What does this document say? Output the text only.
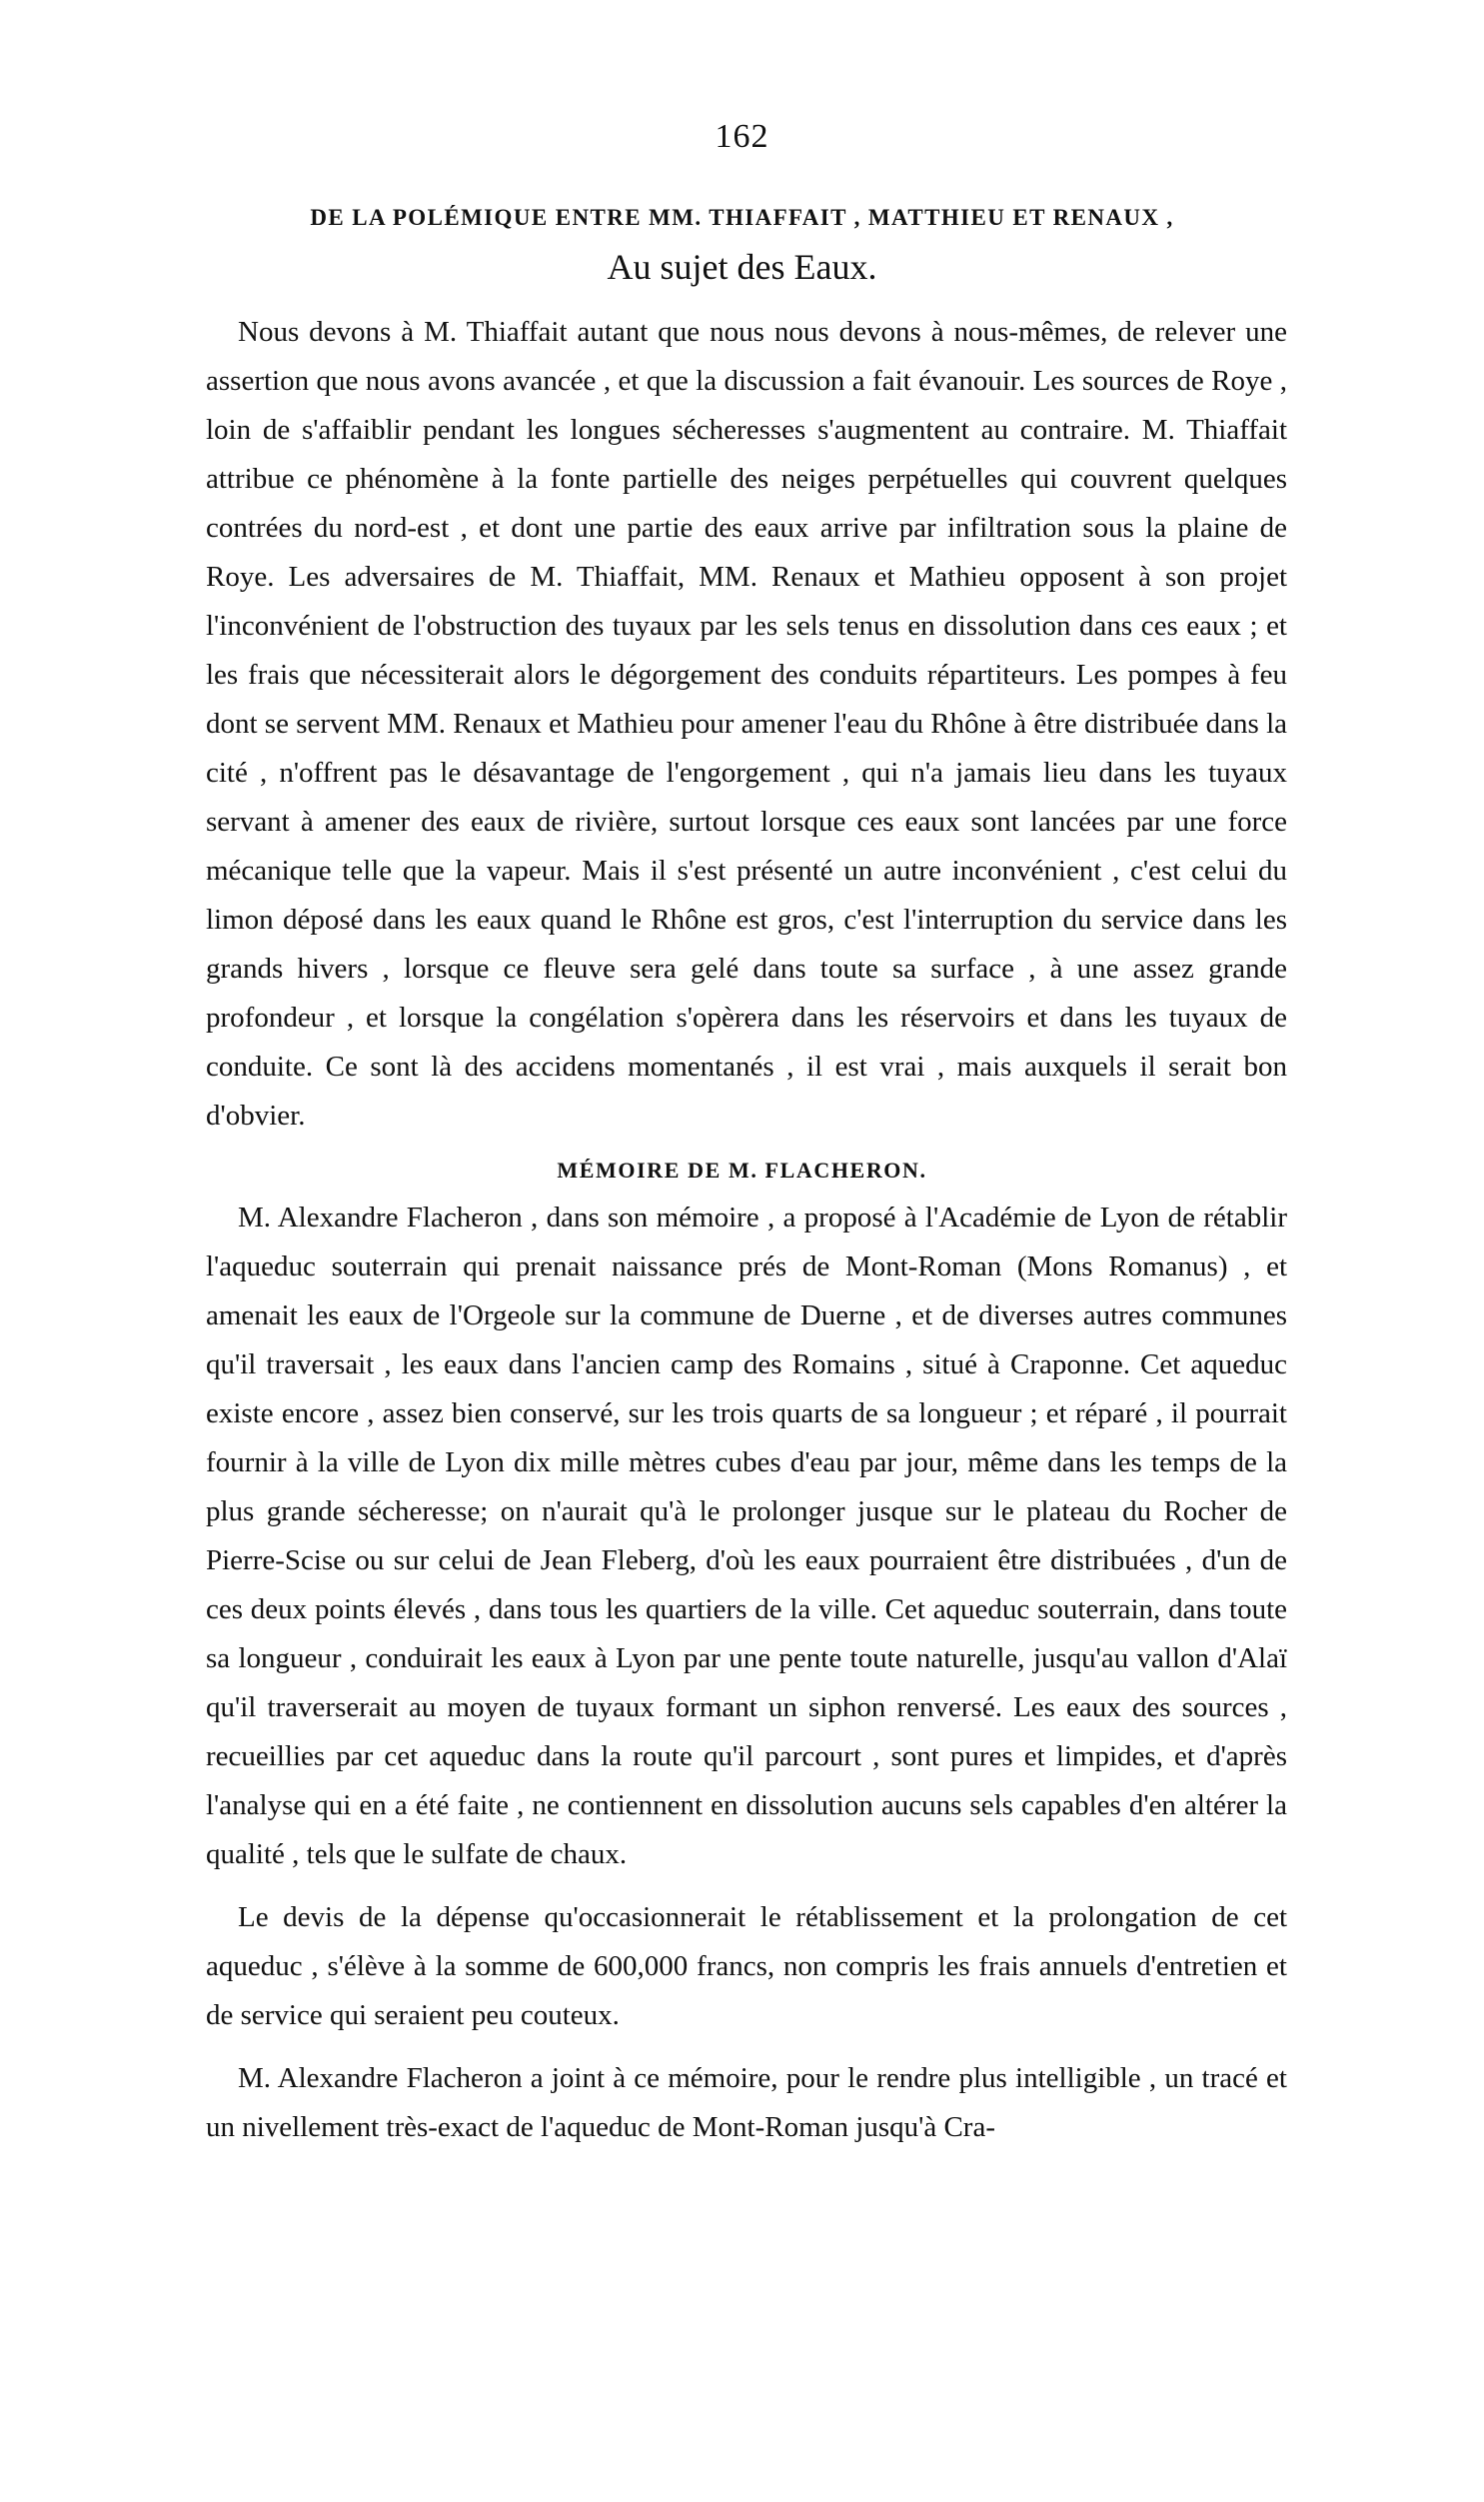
162
DE LA POLÉMIQUE ENTRE MM. THIAFFAIT , MATTHIEU ET RENAUX ,
Au sujet des Eaux.

Nous devons à M. Thiaffait autant que nous nous devons à nous-mêmes, de relever une assertion que nous avons avancée , et que la discussion a fait évanouir. Les sources de Roye , loin de s'affaiblir pendant les longues sécheresses s'augmentent au contraire. M. Thiaffait attribue ce phénomène à la fonte partielle des neiges perpétuelles qui couvrent quelques contrées du nord-est , et dont une partie des eaux arrive par infiltration sous la plaine de Roye. Les adversaires de M. Thiaffait, MM. Renaux et Mathieu opposent à son projet l'inconvénient de l'obstruction des tuyaux par les sels tenus en dissolution dans ces eaux ; et les frais que nécessiterait alors le dégorgement des conduits répartiteurs. Les pompes à feu dont se servent MM. Renaux et Mathieu pour amener l'eau du Rhône à être distribuée dans la cité , n'offrent pas le désavantage de l'engorgement , qui n'a jamais lieu dans les tuyaux servant à amener des eaux de rivière, surtout lorsque ces eaux sont lancées par une force mécanique telle que la vapeur. Mais il s'est présenté un autre inconvénient , c'est celui du limon déposé dans les eaux quand le Rhône est gros, c'est l'interruption du service dans les grands hivers , lorsque ce fleuve sera gelé dans toute sa surface , à une assez grande profondeur , et lorsque la congélation s'opèrera dans les réservoirs et dans les tuyaux de conduite. Ce sont là des accidens momentanés , il est vrai , mais auxquels il serait bon d'obvier.

MÉMOIRE DE M. FLACHERON.

M. Alexandre Flacheron , dans son mémoire , a proposé à l'Académie de Lyon de rétablir l'aqueduc souterrain qui prenait naissance prés de Mont-Roman (Mons Romanus) , et amenait les eaux de l'Orgeole sur la commune de Duerne , et de diverses autres communes qu'il traversait , les eaux dans l'ancien camp des Romains , situé à Craponne. Cet aqueduc existe encore , assez bien conservé, sur les trois quarts de sa longueur ; et réparé , il pourrait fournir à la ville de Lyon dix mille mètres cubes d'eau par jour, même dans les temps de la plus grande sécheresse; on n'aurait qu'à le prolonger jusque sur le plateau du Rocher de Pierre-Scise ou sur celui de Jean Fleberg, d'où les eaux pourraient être distribuées , d'un de ces deux points élevés , dans tous les quartiers de la ville. Cet aqueduc souterrain, dans toute sa longueur , conduirait les eaux à Lyon par une pente toute naturelle, jusqu'au vallon d'Alaï qu'il traverserait au moyen de tuyaux formant un siphon renversé. Les eaux des sources , recueillies par cet aqueduc dans la route qu'il parcourt , sont pures et limpides, et d'après l'analyse qui en a été faite , ne contiennent en dissolution aucuns sels capables d'en altérer la qualité , tels que le sulfate de chaux.

Le devis de la dépense qu'occasionnerait le rétablissement et la prolongation de cet aqueduc , s'élève à la somme de 600,000 francs, non compris les frais annuels d'entretien et de service qui seraient peu couteux.

M. Alexandre Flacheron a joint à ce mémoire, pour le rendre plus intelligible , un tracé et un nivellement très-exact de l'aqueduc de Mont-Roman jusqu'à Cra-
